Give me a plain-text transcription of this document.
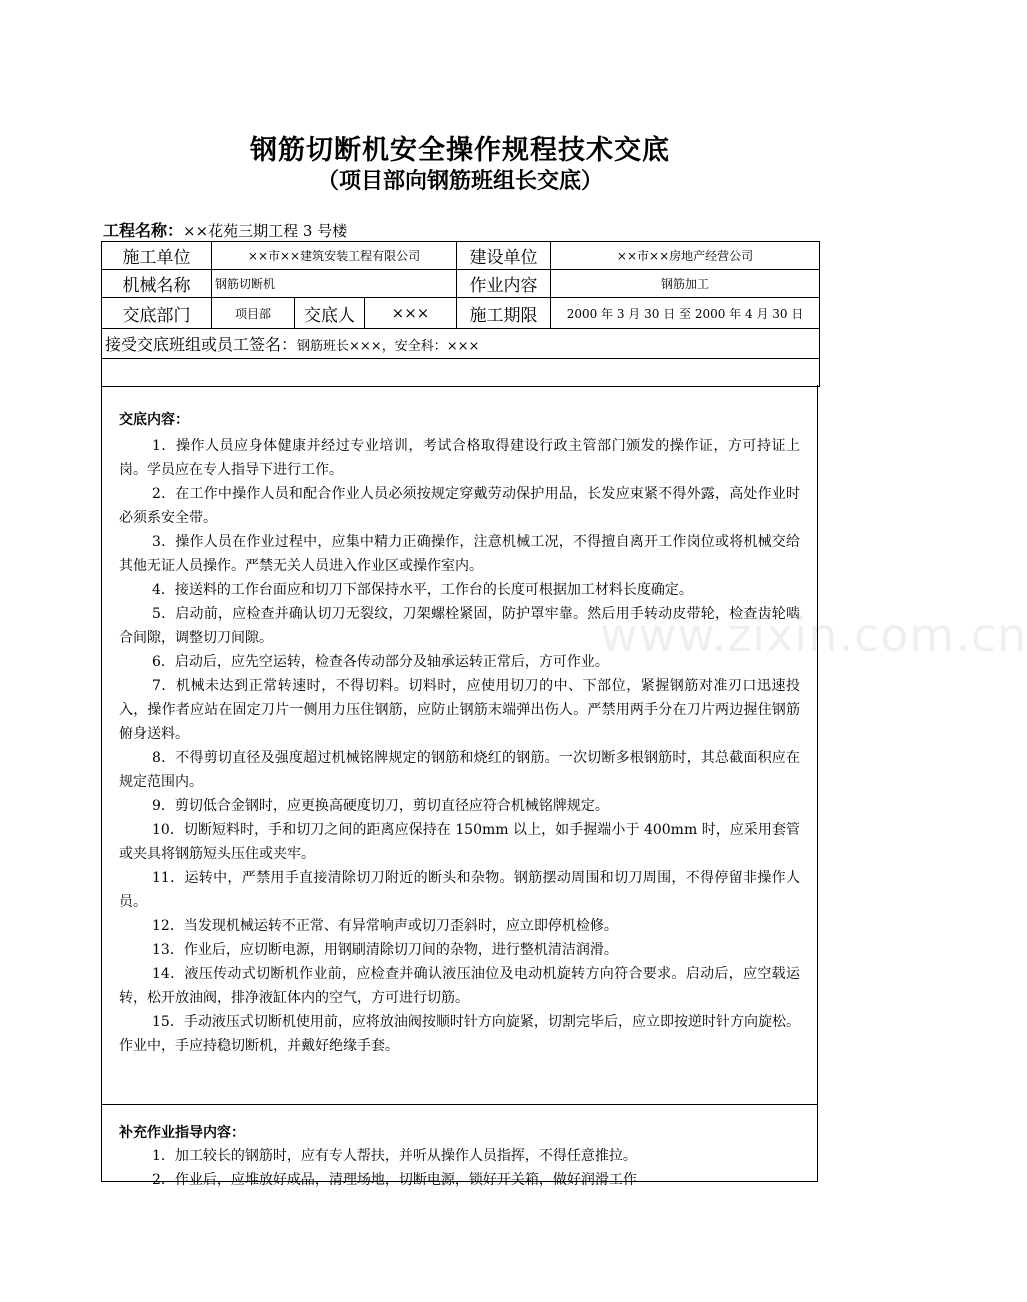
钢筋切断机安全操作规程技术交底
（项目部向钢筋班组长交底）
工程名称：××花苑三期工程 3 号楼
施工单位	××市××建筑安装工程有限公司			建设单位	××市××房地产经营公司
机械名称	钢筋切断机			作业内容	钢筋加工
交底部门	项目部	交底人	×××	施工期限	2000 年 3 月 30 日 至 2000 年 4 月 30 日
接受交底班组或员工签名：钢筋班长×××，安全科：×××					

交底内容：

1．操作人员应身体健康并经过专业培训，考试合格取得建设行政主管部门颁发的操作证，方可持证上岗。学员应在专人指导下进行工作。

2．在工作中操作人员和配合作业人员必须按规定穿戴劳动保护用品，长发应束紧不得外露，高处作业时必须系安全带。

3．操作人员在作业过程中，应集中精力正确操作，注意机械工况，不得擅自离开工作岗位或将机械交给其他无证人员操作。严禁无关人员进入作业区或操作室内。

4．接送料的工作台面应和切刀下部保持水平，工作台的长度可根据加工材料长度确定。

5．启动前，应检查并确认切刀无裂纹，刀架螺栓紧固，防护罩牢靠。然后用手转动皮带轮，检查齿轮啮合间隙，调整切刀间隙。

6．启动后，应先空运转，检查各传动部分及轴承运转正常后，方可作业。

7．机械未达到正常转速时，不得切料。切料时，应使用切刀的中、下部位，紧握钢筋对准刃口迅速投入，操作者应站在固定刀片一侧用力压住钢筋，应防止钢筋末端弹出伤人。严禁用两手分在刀片两边握住钢筋俯身送料。

8．不得剪切直径及强度超过机械铭牌规定的钢筋和烧红的钢筋。一次切断多根钢筋时，其总截面积应在规定范围内。

9．剪切低合金钢时，应更换高硬度切刀，剪切直径应符合机械铭牌规定。

10．切断短料时，手和切刀之间的距离应保持在 150mm 以上，如手握端小于 400mm 时，应采用套管或夹具将钢筋短头压住或夹牢。

11．运转中，严禁用手直接清除切刀附近的断头和杂物。钢筋摆动周围和切刀周围，不得停留非操作人员。

12．当发现机械运转不正常、有异常响声或切刀歪斜时，应立即停机检修。

13．作业后，应切断电源，用钢刷清除切刀间的杂物，进行整机清洁润滑。

14．液压传动式切断机作业前，应检查并确认液压油位及电动机旋转方向符合要求。启动后，应空载运转，松开放油阀，排净液缸体内的空气，方可进行切筋。

15．手动液压式切断机使用前，应将放油阀按顺时针方向旋紧，切割完毕后，应立即按逆时针方向旋松。作业中，手应持稳切断机，并戴好绝缘手套。

补充作业指导内容：

1．加工较长的钢筋时，应有专人帮扶，并听从操作人员指挥，不得任意推拉。

2．作业后，应堆放好成品，清理场地，切断电源，锁好开关箱，做好润滑工作

www.zixin.com.cn
